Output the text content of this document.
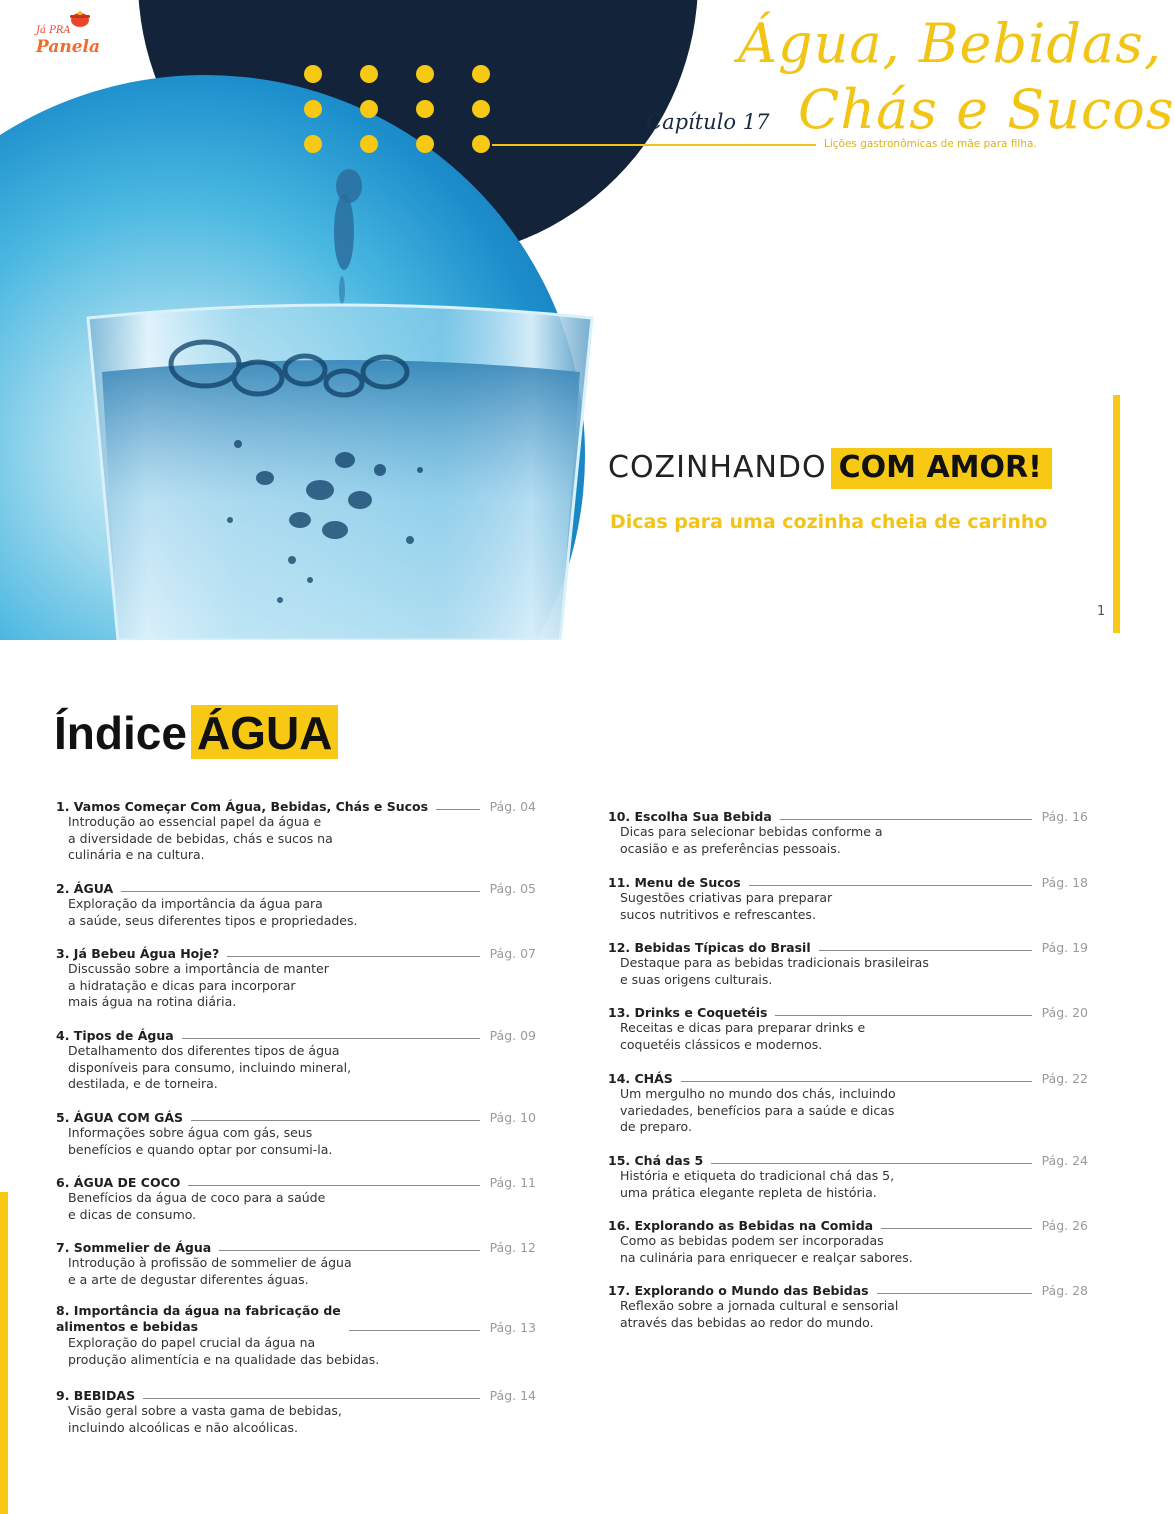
Já PRA
Panela	Água, Bebidas,
Chás e Sucos
Capítulo 17
Lições gastronômicas de mãe para filha.
COZINHANDO COM AMOR!
Dicas para uma cozinha cheia de carinho
1
Índice ÁGUA
1. Vamos Começar Com Água, Bebidas, Chás e Sucos	Pág. 04
Introdução ao essencial papel da água e
a diversidade de bebidas, chás e sucos na
culinária e na cultura.
2. ÁGUA	Pág. 05
Exploração da importância da água para
a saúde, seus diferentes tipos e propriedades.
3. Já Bebeu Água Hoje?	Pág. 07
Discussão sobre a importância de manter
a hidratação e dicas para incorporar
mais água na rotina diária.
4. Tipos de Água	Pág. 09
Detalhamento dos diferentes tipos de água
disponíveis para consumo, incluindo mineral,
destilada, e de torneira.
5. ÁGUA COM GÁS	Pág. 10
Informações sobre água com gás, seus
benefícios e quando optar por consumi-la.
6. ÁGUA DE COCO	Pág. 11
Benefícios da água de coco para a saúde
e dicas de consumo.
7. Sommelier de Água	Pág. 12
Introdução à profissão de sommelier de água
e a arte de degustar diferentes águas.
8. Importância da água na fabricação de
alimentos e bebidas	Pág. 13
Exploração do papel crucial da água na
produção alimentícia e na qualidade das bebidas.
9. BEBIDAS	Pág. 14
Visão geral sobre a vasta gama de bebidas,
incluindo alcoólicas e não alcoólicas.
10. Escolha Sua Bebida	Pág. 16
Dicas para selecionar bebidas conforme a
ocasião e as preferências pessoais.
11. Menu de Sucos	Pág. 18
Sugestões criativas para preparar
sucos nutritivos e refrescantes.
12. Bebidas Típicas do Brasil	Pág. 19
Destaque para as bebidas tradicionais brasileiras
e suas origens culturais.
13. Drinks e Coquetéis	Pág. 20
Receitas e dicas para preparar drinks e
coquetéis clássicos e modernos.
14. CHÁS	Pág. 22
Um mergulho no mundo dos chás, incluindo
variedades, benefícios para a saúde e dicas
de preparo.
15. Chá das 5	Pág. 24
História e etiqueta do tradicional chá das 5,
uma prática elegante repleta de história.
16. Explorando as Bebidas na Comida	Pág. 26
Como as bebidas podem ser incorporadas
na culinária para enriquecer e realçar sabores.
17. Explorando o Mundo das Bebidas	Pág. 28
Reflexão sobre a jornada cultural e sensorial
através das bebidas ao redor do mundo.
